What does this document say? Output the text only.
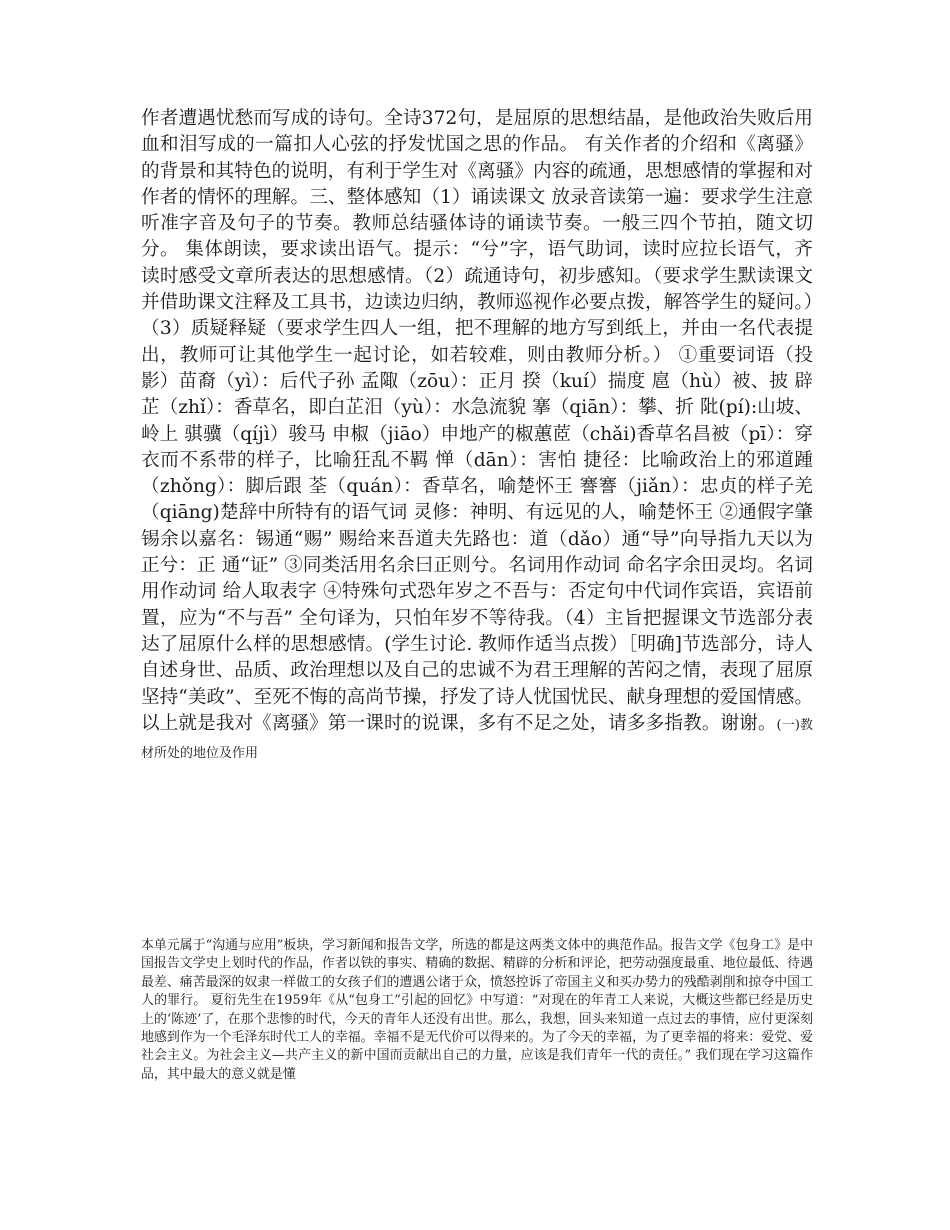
作者遭遇忧愁而写成的诗句。全诗372句，是屈原的思想结晶，是他政治失败后用血和泪写成的一篇扣人心弦的抒发忧国之思的作品。 有关作者的介绍和《离骚》的背景和其特色的说明，有利于学生对《离骚》内容的疏通，思想感情的掌握和对作者的情怀的理解。三、整体感知（1）诵读课文 放录音读第一遍：要求学生注意听准字音及句子的节奏。教师总结骚体诗的诵读节奏。一般三四个节拍，随文切分。 集体朗读，要求读出语气。提示：“兮”字，语气助词，读时应拉长语气，齐读时感受文章所表达的思想感情。（2）疏通诗句，初步感知。（要求学生默读课文并借助课文注释及工具书，边读边归纳，教师巡视作必要点拨，解答学生的疑问。）（3）质疑释疑（要求学生四人一组，把不理解的地方写到纸上，并由一名代表提出，教师可让其他学生一起讨论，如若较难，则由教师分析。） ①重要词语（投影）苗裔（yì）：后代子孙 孟陬（zōu）：正月 揆（kuí）揣度 扈（hù）被、披 辟芷（zhǐ）：香草名，即白芷汨（yù）：水急流貌 搴（qiān）：攀、折 阰(pí):山坡、岭上 骐骥（qíjì）骏马 申椒（jiāo）申地产的椒蕙茝（chǎi)香草名昌被（pī）：穿衣而不系带的样子，比喻狂乱不羁 惮（dān）：害怕 捷径：比喻政治上的邪道踵（zhǒng）：脚后跟 荃（quán）：香草名，喻楚怀王 謇謇（jiǎn）：忠贞的样子羌（qiāng)楚辞中所特有的语气词 灵修：神明、有远见的人，喻楚怀王 ②通假字肇锡余以嘉名：锡通“赐” 赐给来吾道夫先路也：道（dǎo）通“导”向导指九天以为正兮：正 通“证” ③同类活用名余曰正则兮。名词用作动词 命名字余田灵均。名词用作动词 给人取表字 ④特殊句式恐年岁之不吾与：否定句中代词作宾语，宾语前置，应为“不与吾” 全句译为，只怕年岁不等待我。（4）主旨把握课文节选部分表达了屈原什么样的思想感情。(学生讨论. 教师作适当点拨）［明确]节选部分，诗人自述身世、品质、政治理想以及自己的忠诚不为君王理解的苦闷之情，表现了屈原坚持“美政”、至死不悔的高尚节操，抒发了诗人忧国忧民、献身理想的爱国情感。 以上就是我对《离骚》第一课时的说课，多有不足之处，请多多指教。谢谢。(一)教材所处的地位及作用
本单元属于“沟通与应用”板块，学习新闻和报告文学，所选的都是这两类文体中的典范作品。报告文学《包身工》是中国报告文学史上划时代的作品，作者以铁的事实、精确的数据、精辟的分析和评论，把劳动强度最重、地位最低、待遇最差、痛苦最深的奴隶一样做工的女孩子们的遭遇公诸于众，愤怒控诉了帝国主义和买办势力的残酷剥削和掠夺中国工人的罪行。 夏衍先生在1959年《从“包身工”引起的回忆》中写道：“对现在的年青工人来说，大概这些都已经是历史上的‘陈迹’了，在那个悲惨的时代，今天的青年人还没有出世。那么，我想，回头来知道一点过去的事情，应付更深刻地感到作为一个毛泽东时代工人的幸福。幸福不是无代价可以得来的。为了今天的幸福，为了更幸福的将来：爱党、爱社会主义。为社会主义—共产主义的新中国而贡献出自己的力量，应该是我们青年一代的责任。” 我们现在学习这篇作品，其中最大的意义就是懂
